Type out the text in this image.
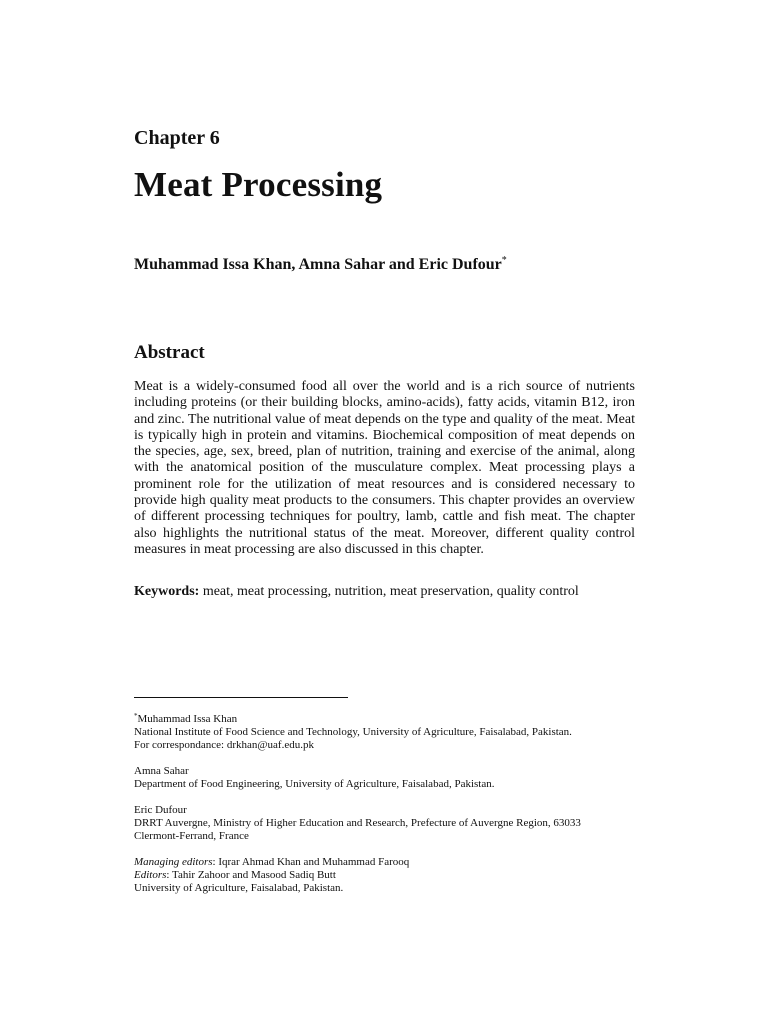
Chapter 6
Meat Processing

Muhammad Issa Khan, Amna Sahar and Eric Dufour*

Abstract

Meat is a widely-consumed food all over the world and is a rich source of nutrients including proteins (or their building blocks, amino-acids), fatty acids, vitamin B12, iron and zinc. The nutritional value of meat depends on the type and quality of the meat. Meat is typically high in protein and vitamins. Biochemical composition of meat depends on the species, age, sex, breed, plan of nutrition, training and exercise of the animal, along with the anatomical position of the musculature complex. Meat processing plays a prominent role for the utilization of meat resources and is considered necessary to provide high quality meat products to the consumers. This chapter provides an overview of different processing techniques for poultry, lamb, cattle and fish meat. The chapter also highlights the nutritional status of the meat. Moreover, different quality control measures in meat processing are also discussed in this chapter.

Keywords: meat, meat processing, nutrition, meat preservation, quality control

*Muhammad Issa Khan
National Institute of Food Science and Technology, University of Agriculture, Faisalabad, Pakistan.
For correspondance: drkhan@uaf.edu.pk
Amna Sahar
Department of Food Engineering, University of Agriculture, Faisalabad, Pakistan.
Eric Dufour
DRRT Auvergne, Ministry of Higher Education and Research, Prefecture of Auvergne Region, 63033
Clermont-Ferrand, France
Managing editors: Iqrar Ahmad Khan and Muhammad Farooq
Editors: Tahir Zahoor and Masood Sadiq Butt
University of Agriculture, Faisalabad, Pakistan.
